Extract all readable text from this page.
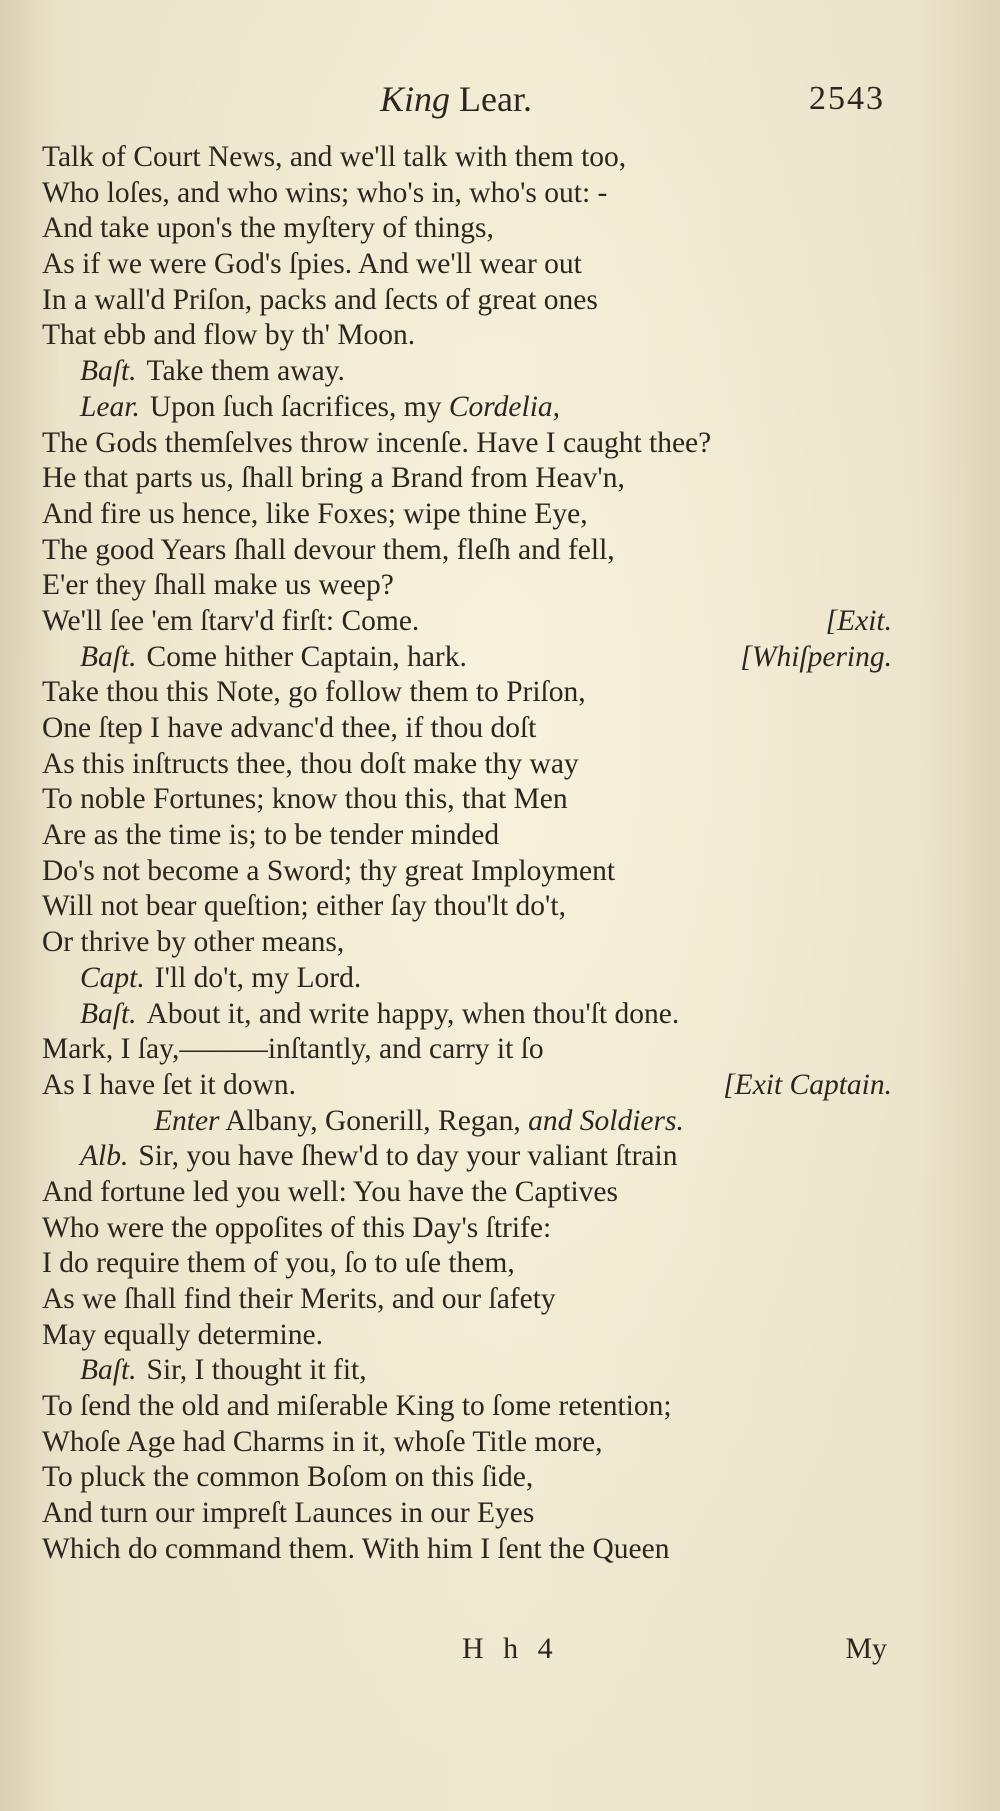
King Lear.	2543
Talk of Court News, and we'll talk with them too,
Who loſes, and who wins; who's in, who's out: -
And take upon's the myſtery of things,
As if we were God's ſpies. And we'll wear out
In a wall'd Priſon, packs and ſects of great ones
That ebb and flow by th' Moon.
Baſt. Take them away.
Lear. Upon ſuch ſacrifices, my Cordelia,
The Gods themſelves throw incenſe. Have I caught thee?
He that parts us, ſhall bring a Brand from Heav'n,
And fire us hence, like Foxes; wipe thine Eye,
The good Years ſhall devour them, fleſh and fell,
E'er they ſhall make us weep?
We'll ſee 'em ſtarv'd firſt: Come.	[Exit.
Baſt. Come hither Captain, hark.	[Whiſpering.
Take thou this Note, go follow them to Priſon,
One ſtep I have advanc'd thee, if thou doſt
As this inſtructs thee, thou doſt make thy way
To noble Fortunes; know thou this, that Men
Are as the time is; to be tender minded
Do's not become a Sword; thy great Imployment
Will not bear queſtion; either ſay thou'lt do't,
Or thrive by other means,
Capt. I'll do't, my Lord.
Baſt. About it, and write happy, when thou'ſt done.
Mark, I ſay,———inſtantly, and carry it ſo
As I have ſet it down.	[Exit Captain.
Enter Albany, Gonerill, Regan, and Soldiers.
Alb. Sir, you have ſhew'd to day your valiant ſtrain
And fortune led you well: You have the Captives
Who were the oppoſites of this Day's ſtrife:
I do require them of you, ſo to uſe them,
As we ſhall find their Merits, and our ſafety
May equally determine.
Baſt. Sir, I thought it fit,
To ſend the old and miſerable King to ſome retention;
Whoſe Age had Charms in it, whoſe Title more,
To pluck the common Boſom on this ſide,
And turn our impreſt Launces in our Eyes
Which do command them. With him I ſent the Queen
H h 4	My
